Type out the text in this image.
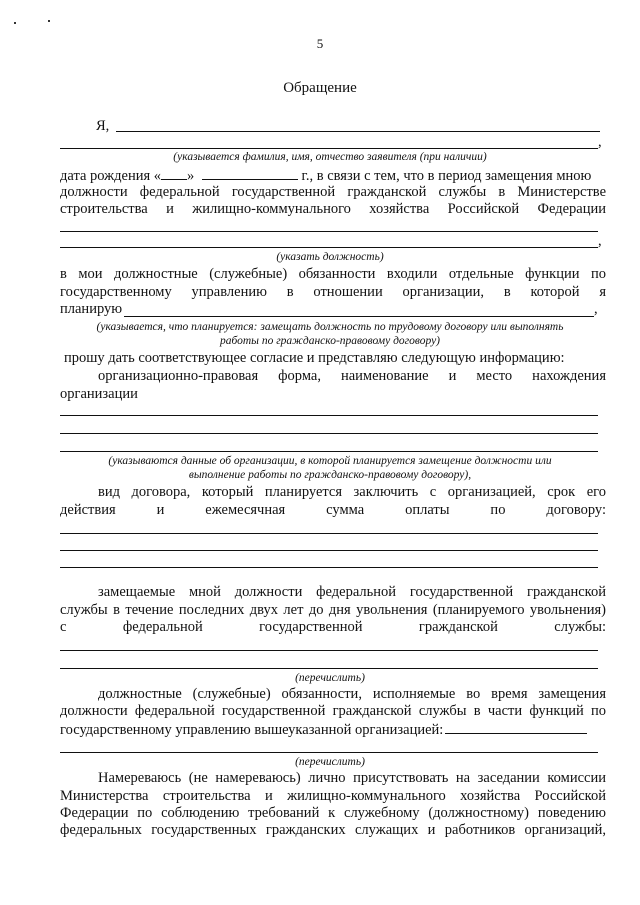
5
Обращение
Я,
,
(указывается фамилия, имя, отчество заявителя (при наличии)
дата рождения « »	г., в связи с тем, что в период замещения мною
должности федеральной государственной гражданской службы в Министерстве
строительства и жилищно-коммунального хозяйства Российской Федерации
,
(указать должность)
в мои должностные (служебные) обязанности входили отдельные функции по
государственному управлению в отношении организации, в которой я
планирую	,
(указывается, что планируется: замещать должность по трудовому договору или выполнять
работы по гражданско-правовому договору)
прошу дать соответствующее согласие и представляю следующую информацию:
организационно-правовая форма, наименование и место нахождения
организации
(указываются данные об организации, в которой планируется замещение должности или
выполнение работы по гражданско-правовому договору),
вид договора, который планируется заключить с организацией, срок его
действия и ежемесячная сумма оплаты по договору:
замещаемые мной должности федеральной государственной гражданской
службы в течение последних двух лет до дня увольнения (планируемого увольнения)
с федеральной государственной гражданской службы:
(перечислить)
должностные (служебные) обязанности, исполняемые во время замещения
должности федеральной государственной гражданской службы в части функций по
государственному управлению вышеуказанной организацией:
(перечислить)
Намереваюсь (не намереваюсь) лично присутствовать на заседании комиссии
Министерства строительства и жилищно-коммунального хозяйства Российской
Федерации по соблюдению требований к служебному (должностному) поведению
федеральных государственных гражданских служащих и работников организаций,
